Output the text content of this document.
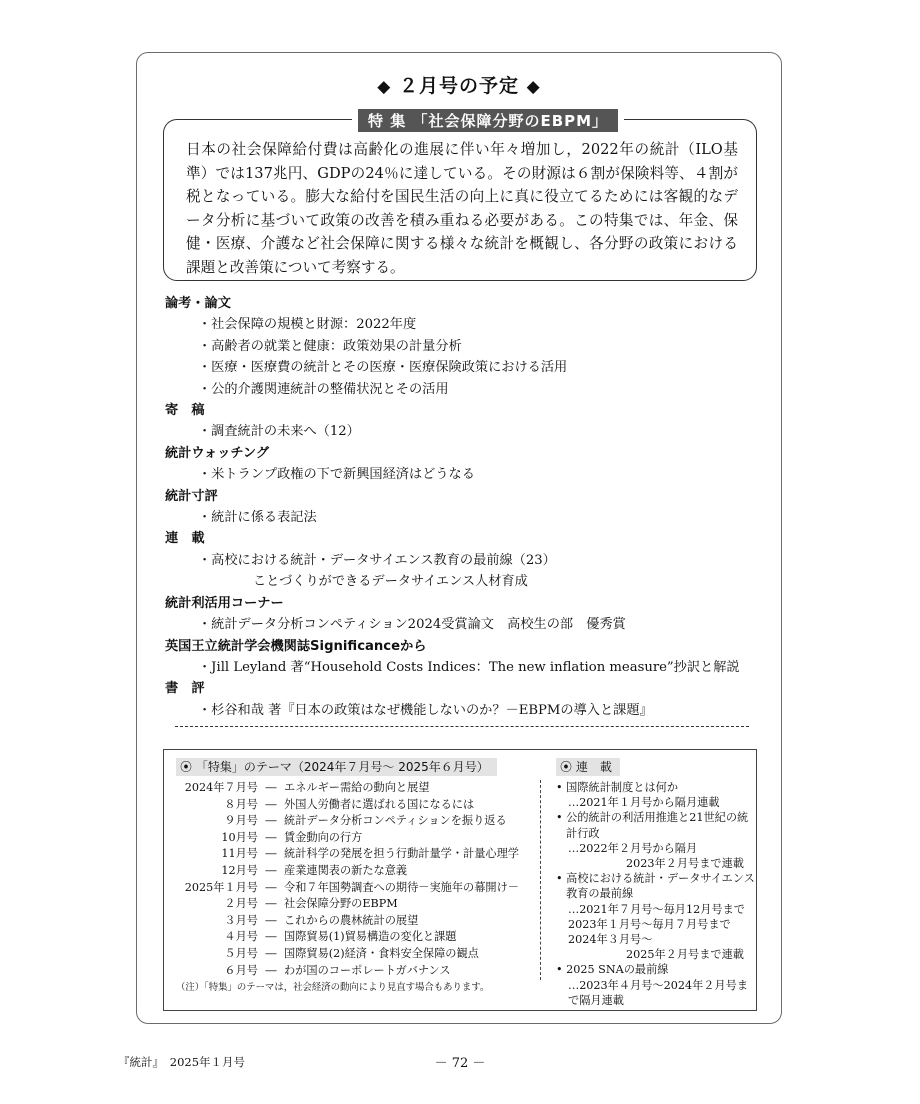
◆ ２月号の予定 ◆
特 集 「社会保障分野のEBPM」
日本の社会保障給付費は高齢化の進展に伴い年々増加し，2022年の統計（ILO基準）では137兆円、GDPの24％に達している。その財源は６割が保険料等、４割が税となっている。膨大な給付を国民生活の向上に真に役立てるためには客観的なデータ分析に基づいて政策の改善を積み重ねる必要がある。この特集では、年金、保健・医療、介護など社会保障に関する様々な統計を概観し、各分野の政策における課題と改善策について考察する。
論考・論文
・社会保障の規模と財源：2022年度
・高齢者の就業と健康：政策効果の計量分析
・医療・医療費の統計とその医療・医療保険政策における活用
・公的介護関連統計の整備状況とその活用
寄　稿
・調査統計の未来へ（12）
統計ウォッチング
・米トランプ政権の下で新興国経済はどうなる
統計寸評
・統計に係る表記法
連　載
・高校における統計・データサイエンス教育の最前線（23）
ことづくりができるデータサイエンス人材育成
統計利活用コーナー
・統計データ分析コンペティション2024受賞論文　高校生の部　優秀賞
英国王立統計学会機関誌Significanceから
・Jill Leyland 著“Household Costs Indices：The new inflation measure”抄訳と解説
書　評
・杉谷和哉 著『日本の政策はなぜ機能しないのか？－EBPMの導入と課題』
⦿ 「特集」のテーマ（2024年７月号～ 2025年６月号）
2024年７月号 ― エネルギー需給の動向と展望
８月号 ― 外国人労働者に選ばれる国になるには
９月号 ― 統計データ分析コンペティションを振り返る
10月号 ― 賃金動向の行方
11月号 ― 統計科学の発展を担う行動計量学・計量心理学
12月号 ― 産業連関表の新たな意義
2025年１月号 ― 令和７年国勢調査への期待－実施年の幕開け－
２月号 ― 社会保障分野のEBPM
３月号 ― これからの農林統計の展望
４月号 ― 国際貿易(1)貿易構造の変化と課題
５月号 ― 国際貿易(2)経済・食料安全保障の観点
６月号 ― わが国のコーポレートガバナンス
（注）「特集」のテーマは，社会経済の動向により見直す場合もあります。
⦿ 連　載
• 国際統計制度とは何か
…2021年１月号から隔月連載
• 公的統計の利活用推進と21世紀の統計行政
…2022年２月号から隔月
2023年２月号まで連載
• 高校における統計・データサイエンス教育の最前線
…2021年７月号～毎月12月号まで
2023年１月号～毎月７月号まで
2024年３月号～
2025年２月号まで連載
• 2025 SNAの最前線
…2023年４月号～2024年２月号まで隔月連載
『統計』　2025年１月号	－ 72 －
